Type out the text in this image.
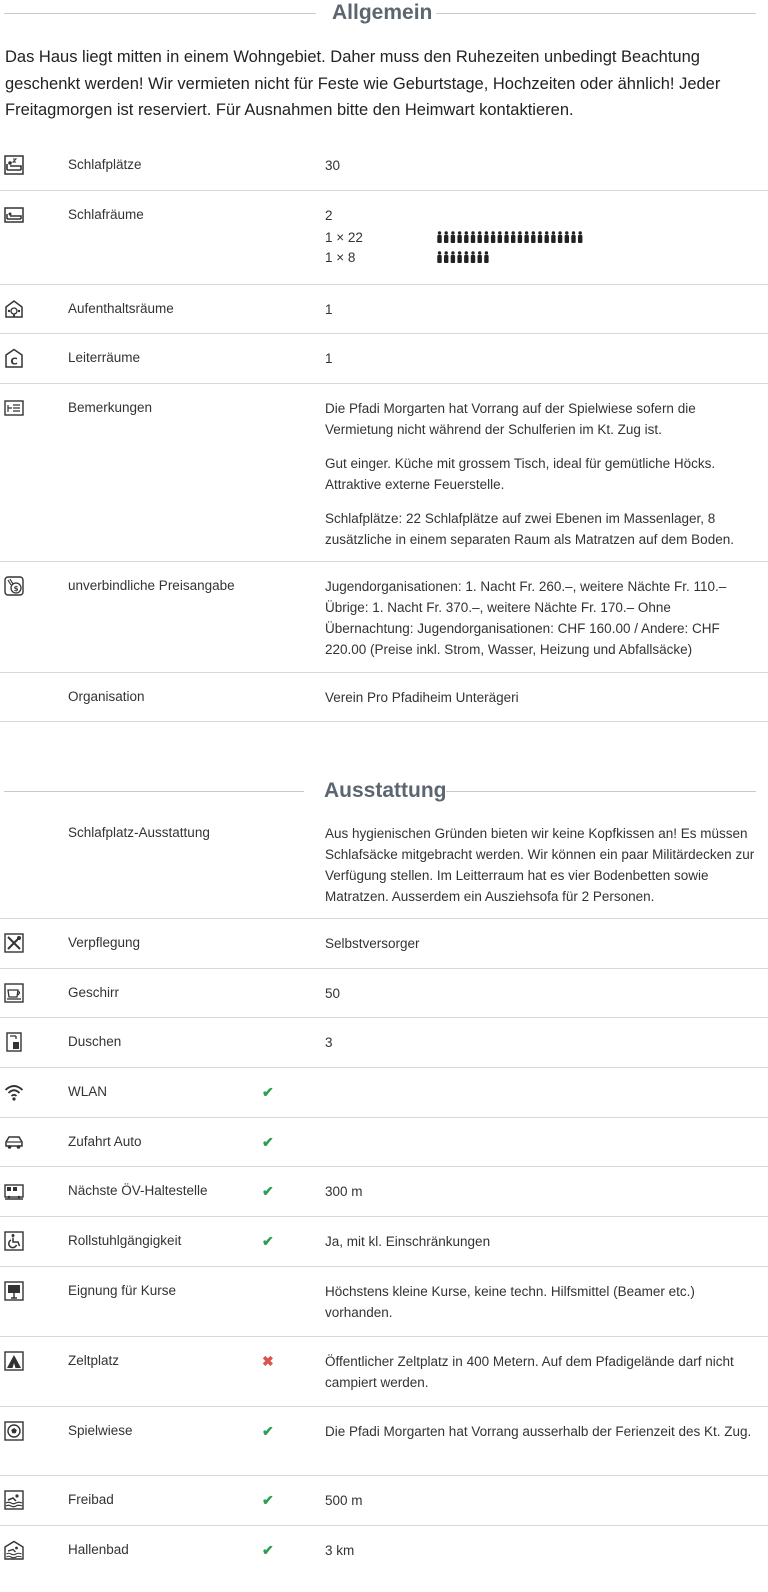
Allgemein
Das Haus liegt mitten in einem Wohngebiet. Daher muss den Ruhezeiten unbedingt Beachtung geschenkt werden! Wir vermieten nicht für Feste wie Geburtstage, Hochzeiten oder ähnlich! Jeder Freitagmorgen ist reserviert. Für Ausnahmen bitte den Heimwart kontaktieren.
Schlafplätze	30
Schlafräume	2
1 × 22
1 × 8
Aufenthaltsräume	1
C	Leiterräume	1
Bemerkungen	Die Pfadi Morgarten hat Vorrang auf der Spielwiese sofern die Vermietung nicht während der Schulferien im Kt. Zug ist.

Gut einger. Küche mit grossem Tisch, ideal für gemütliche Höcks. Attraktive externe Feuerstelle.

Schlafplätze: 22 Schlafplätze auf zwei Ebenen im Massenlager, 8 zusätzliche in einem separaten Raum als Matratzen auf dem Boden.

$	unverbindliche Preisangabe	Jugendorganisationen: 1. Nacht Fr. 260.–, weitere Nächte Fr. 110.– Übrige: 1. Nacht Fr. 370.–, weitere Nächte Fr. 170.– Ohne Übernachtung: Jugendorganisationen: CHF 160.00 / Andere: CHF 220.00 (Preise inkl. Strom, Wasser, Heizung und Abfallsäcke)
Organisation	Verein Pro Pfadiheim Unterägeri
Ausstattung
Schlafplatz-Ausstattung	Aus hygienischen Gründen bieten wir keine Kopfkissen an! Es müssen Schlafsäcke mitgebracht werden. Wir können ein paar Militärdecken zur Verfügung stellen. Im Leitterraum hat es vier Bodenbetten sowie Matratzen. Ausserdem ein Ausziehsofa für 2 Personen.
Verpflegung	Selbstversorger
Geschirr	50
Duschen	3
WLAN	✔
Zufahrt Auto	✔
Nächste ÖV-Haltestelle	✔	300 m
Rollstuhlgängigkeit	✔	Ja, mit kl. Einschränkungen
Eignung für Kurse	Höchstens kleine Kurse, keine techn. Hilfsmittel (Beamer etc.) vorhanden.
Zeltplatz	✖	Öffentlicher Zeltplatz in 400 Metern. Auf dem Pfadigelände darf nicht campiert werden.
Spielwiese	✔	Die Pfadi Morgarten hat Vorrang ausserhalb der Ferienzeit des Kt. Zug.
Freibad	✔	500 m
Hallenbad	✔	3 km
